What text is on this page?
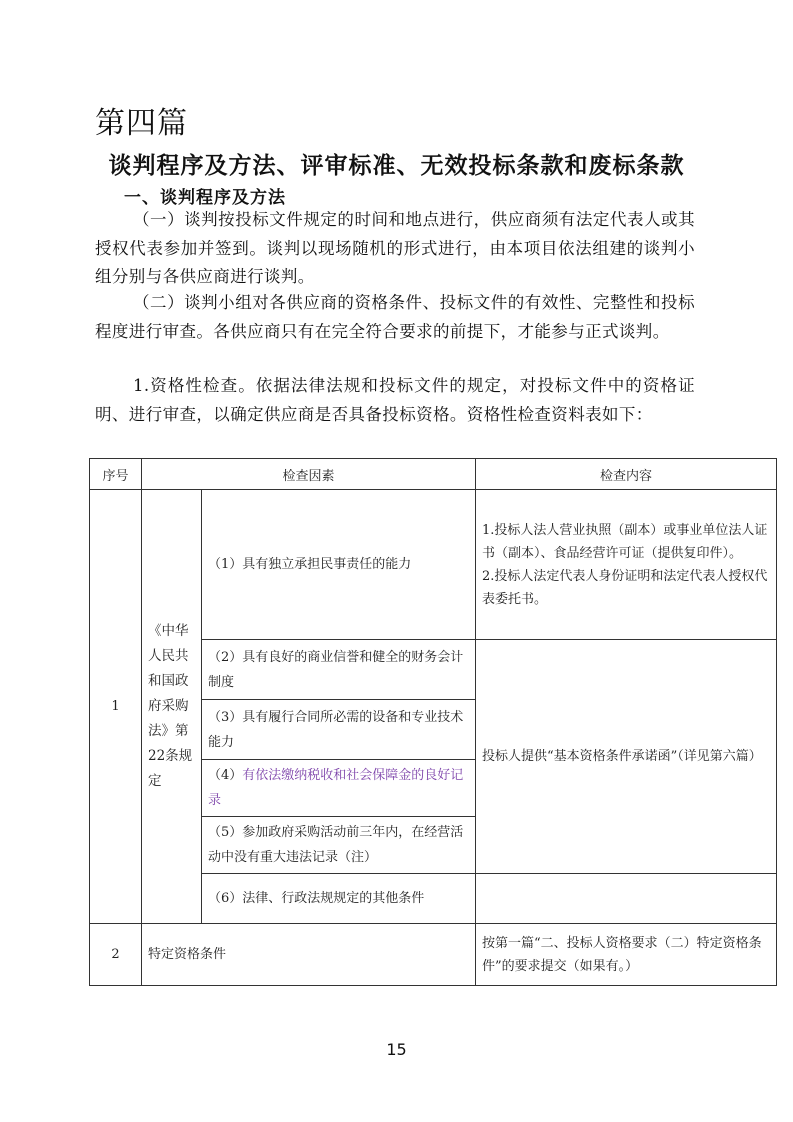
第四篇
谈判程序及方法、评审标准、无效投标条款和废标条款
一、谈判程序及方法

（一）谈判按投标文件规定的时间和地点进行，供应商须有法定代表人或其授权代表参加并签到。谈判以现场随机的形式进行，由本项目依法组建的谈判小组分别与各供应商进行谈判。

（二）谈判小组对各供应商的资格条件、投标文件的有效性、完整性和投标程度进行审查。各供应商只有在完全符合要求的前提下，才能参与正式谈判。

1.资格性检查。依据法律法规和投标文件的规定，对投标文件中的资格证明、进行审查，以确定供应商是否具备投标资格。资格性检查资料表如下：

序号	检查因素		检查内容
1	《中华人民共和国政府采购法》第22条规定	（1）具有独立承担民事责任的能力	1.投标人法人营业执照（副本）或事业单位法人证书（副本）、食品经营许可证（提供复印件）。
2.投标人法定代表人身份证明和法定代表人授权代表委托书。

		（2）具有良好的商业信誉和健全的财务会计制度	投标人提供“基本资格条件承诺函”（详见第六篇）
		（3）具有履行合同所必需的设备和专业技术能力	
		（4）有依法缴纳税收和社会保障金的良好记录	
		（5）参加政府采购活动前三年内，在经营活动中没有重大违法记录（注）	
		（6）法律、行政法规规定的其他条件	
2	特定资格条件		按第一篇“二、投标人资格要求（二）特定资格条件”的要求提交（如果有。）
15
